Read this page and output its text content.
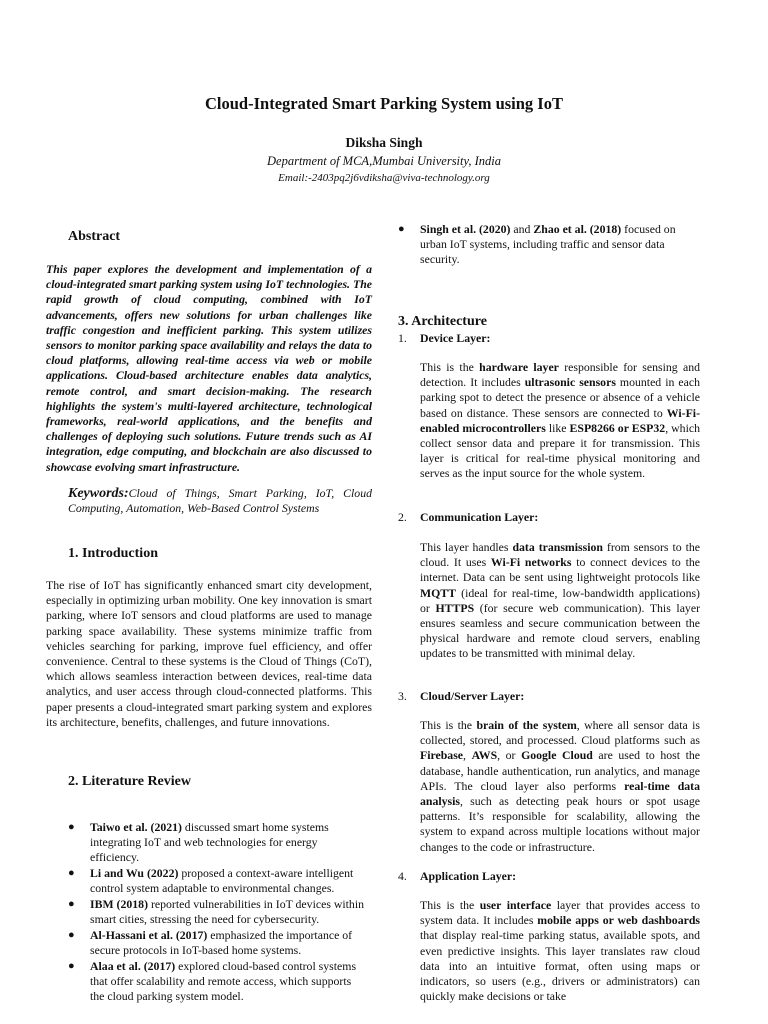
Cloud-Integrated Smart Parking System using IoT
Diksha Singh
Department of MCA,Mumbai University, India
Email:-2403pq2j6vdiksha@viva-technology.org
Abstract
This paper explores the development and implementation of a cloud-integrated smart parking system using IoT technologies. The rapid growth of cloud computing, combined with IoT advancements, offers new solutions for urban challenges like traffic congestion and inefficient parking. This system utilizes sensors to monitor parking space availability and relays the data to cloud platforms, allowing real-time access via web or mobile applications. Cloud-based architecture enables data analytics, remote control, and smart decision-making. The research highlights the system's multi-layered architecture, technological frameworks, real-world applications, and the benefits and challenges of deploying such solutions. Future trends such as AI integration, edge computing, and blockchain are also discussed to showcase evolving smart infrastructure.
Keywords:Cloud of Things, Smart Parking, IoT, Cloud Computing, Automation, Web-Based Control Systems
1. Introduction
The rise of IoT has significantly enhanced smart city development, especially in optimizing urban mobility. One key innovation is smart parking, where IoT sensors and cloud platforms are used to manage parking space availability. These systems minimize traffic from vehicles searching for parking, improve fuel efficiency, and offer convenience. Central to these systems is the Cloud of Things (CoT), which allows seamless interaction between devices, real-time data analytics, and user access through cloud-connected platforms. This paper presents a cloud-integrated smart parking system and explores its architecture, benefits, challenges, and future innovations.
2. Literature Review
● Taiwo et al. (2021) discussed smart home systems integrating IoT and web technologies for energy efficiency.
● Li and Wu (2022) proposed a context-aware intelligent control system adaptable to environmental changes.
● IBM (2018) reported vulnerabilities in IoT devices within smart cities, stressing the need for cybersecurity.
● Al-Hassani et al. (2017) emphasized the importance of secure protocols in IoT-based home systems.
● Alaa et al. (2017) explored cloud-based control systems that offer scalability and remote access, which supports the cloud parking system model.
● Singh et al. (2020) and Zhao et al. (2018) focused on urban IoT systems, including traffic and sensor data security.
3. Architecture
1. Device Layer:
This is the hardware layer responsible for sensing and detection. It includes ultrasonic sensors mounted in each parking spot to detect the presence or absence of a vehicle based on distance. These sensors are connected to Wi-Fi-enabled microcontrollers like ESP8266 or ESP32, which collect sensor data and prepare it for transmission. This layer is critical for real-time physical monitoring and serves as the input source for the whole system.
2. Communication Layer:
This layer handles data transmission from sensors to the cloud. It uses Wi-Fi networks to connect devices to the internet. Data can be sent using lightweight protocols like MQTT (ideal for real-time, low-bandwidth applications) or HTTPS (for secure web communication). This layer ensures seamless and secure communication between the physical hardware and remote cloud servers, enabling updates to be transmitted with minimal delay.
3. Cloud/Server Layer:
This is the brain of the system, where all sensor data is collected, stored, and processed. Cloud platforms such as Firebase, AWS, or Google Cloud are used to host the database, handle authentication, run analytics, and manage APIs. The cloud layer also performs real-time data analysis, such as detecting peak hours or spot usage patterns. It’s responsible for scalability, allowing the system to expand across multiple locations without major changes to the code or infrastructure.
4. Application Layer:
This is the user interface layer that provides access to system data. It includes mobile apps or web dashboards that display real-time parking status, available spots, and even predictive insights. This layer translates raw cloud data into an intuitive format, often using maps or indicators, so users (e.g., drivers or administrators) can quickly make decisions or take
